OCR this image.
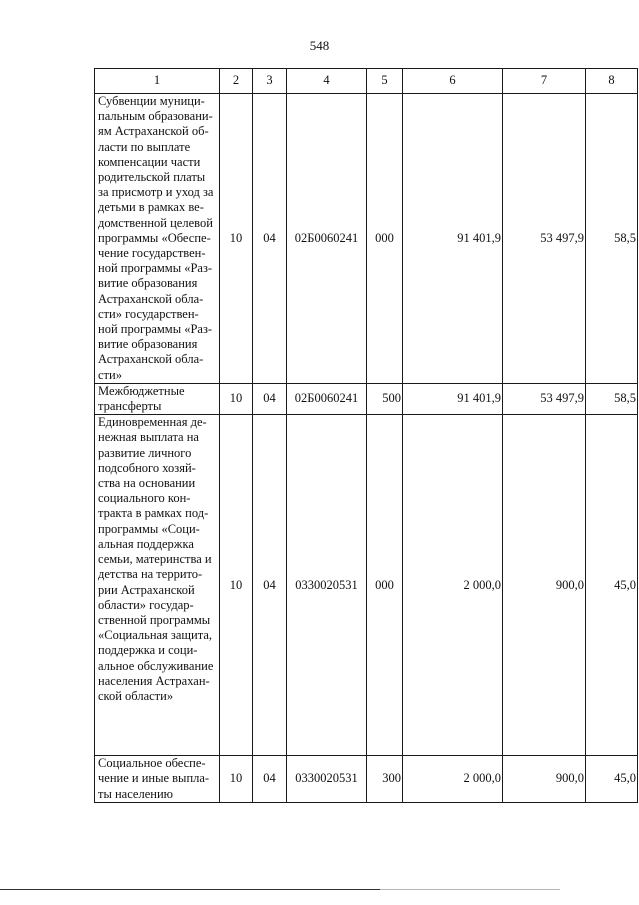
548
1	2	3	4	5	6	7	8
Субвенции муници-пальным образовани-ям Астраханской об-ласти по выплате компенсации части родительской платы за присмотр и уход за детьми в рамках ве-домственной целевой программы «Обеспе-чение государствен-ной программы «Раз-витие образования Астраханской обла-сти» государствен-ной программы «Раз-витие образования Астраханской обла-сти»	10	04	02Б0060241	000	91 401,9	53 497,9	58,5
Межбюджетные трансферты	10	04	02Б0060241	500	91 401,9	53 497,9	58,5
Единовременная де-нежная выплата на развитие личного подсобного хозяй-ства на основании социального кон-тракта в рамках под-программы «Соци-альная поддержка семьи, материнства и детства на террито-рии Астраханской области» государ-ственной программы «Социальная защита, поддержка и соци-альное обслуживание населения Астрахан-ской области»	10	04	0330020531	000	2 000,0	900,0	45,0
Социальное обеспе-чение и иные выпла-ты населению	10	04	0330020531	300	2 000,0	900,0	45,0
